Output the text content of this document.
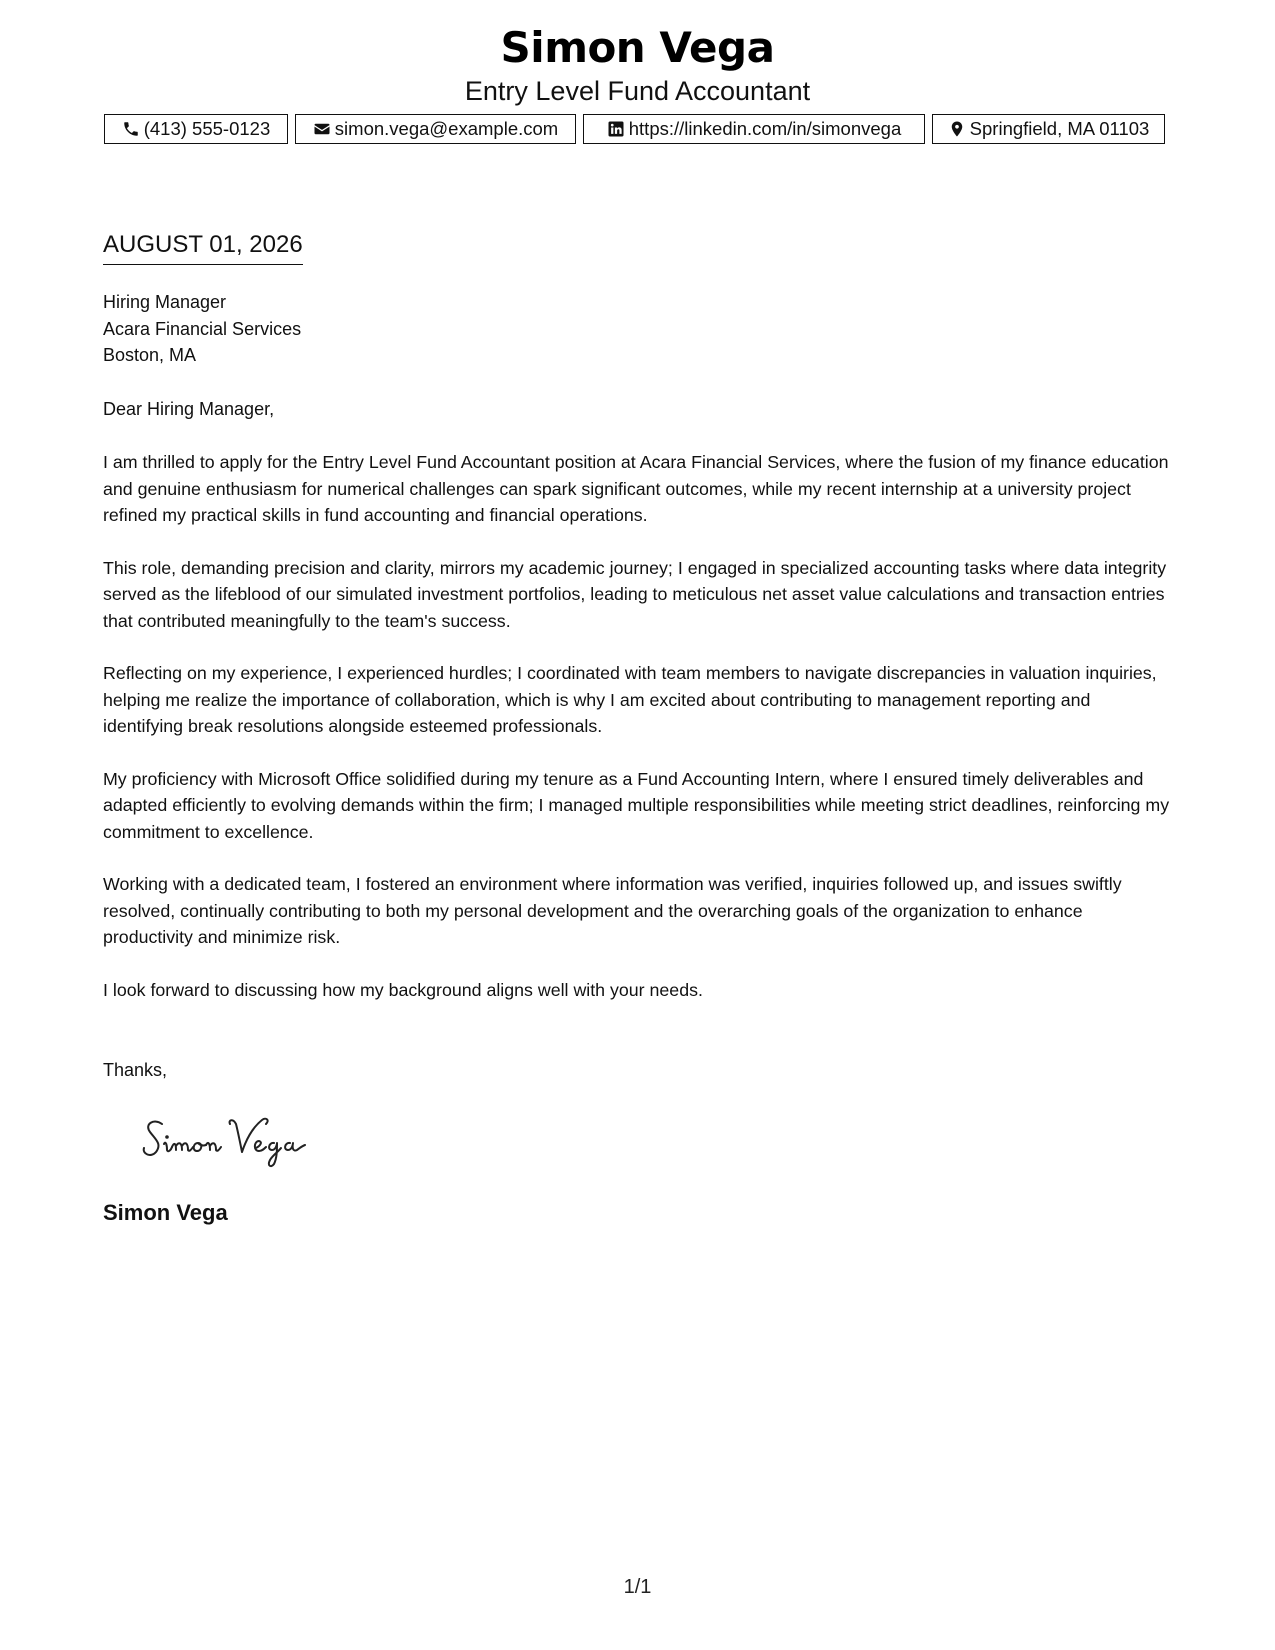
Simon Vega
Entry Level Fund Accountant
(413) 555-0123	simon.vega@example.com	https://linkedin.com/in/simonvega	Springfield, MA 01103
AUGUST 01, 2026
Hiring Manager
Acara Financial Services
Boston, MA
Dear Hiring Manager,

I am thrilled to apply for the Entry Level Fund Accountant position at Acara Financial Services, where the fusion of my finance education and genuine enthusiasm for numerical challenges can spark significant outcomes, while my recent internship at a university project refined my practical skills in fund accounting and financial operations.

This role, demanding precision and clarity, mirrors my academic journey; I engaged in specialized accounting tasks where data integrity served as the lifeblood of our simulated investment portfolios, leading to meticulous net asset value calculations and transaction entries that contributed meaningfully to the team's success.

Reflecting on my experience, I experienced hurdles; I coordinated with team members to navigate discrepancies in valuation inquiries, helping me realize the importance of collaboration, which is why I am excited about contributing to management reporting and identifying break resolutions alongside esteemed professionals.

My proficiency with Microsoft Office solidified during my tenure as a Fund Accounting Intern, where I ensured timely deliverables and adapted efficiently to evolving demands within the firm; I managed multiple responsibilities while meeting strict deadlines, reinforcing my commitment to excellence.

Working with a dedicated team, I fostered an environment where information was verified, inquiries followed up, and issues swiftly resolved, continually contributing to both my personal development and the overarching goals of the organization to enhance productivity and minimize risk.

I look forward to discussing how my background aligns well with your needs.

Thanks,
Simon Vega
1/1
